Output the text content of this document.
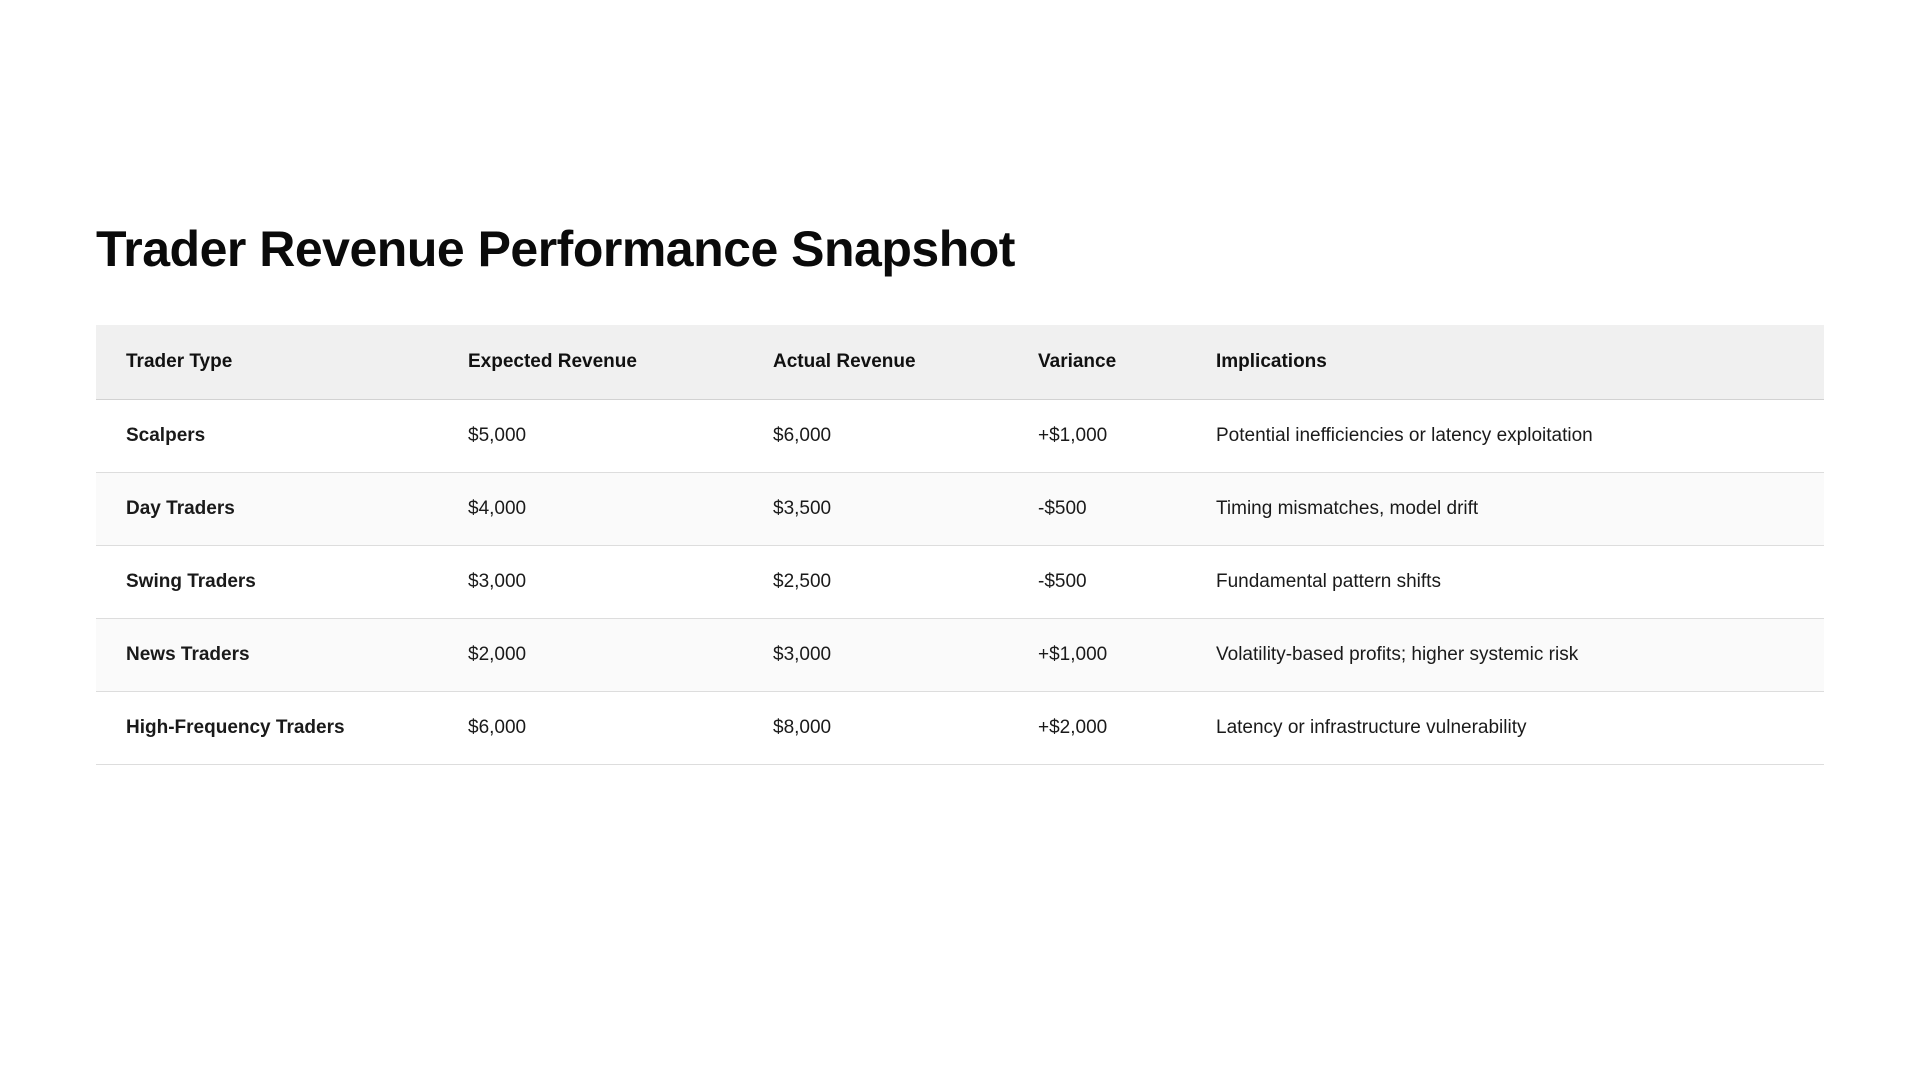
Trader Revenue Performance Snapshot
Trader Type	Expected Revenue	Actual Revenue	Variance	Implications
Scalpers	$5,000	$6,000	+$1,000	Potential inefficiencies or latency exploitation
Day Traders	$4,000	$3,500	-$500	Timing mismatches, model drift
Swing Traders	$3,000	$2,500	-$500	Fundamental pattern shifts
News Traders	$2,000	$3,000	+$1,000	Volatility-based profits; higher systemic risk
High-Frequency Traders	$6,000	$8,000	+$2,000	Latency or infrastructure vulnerability
